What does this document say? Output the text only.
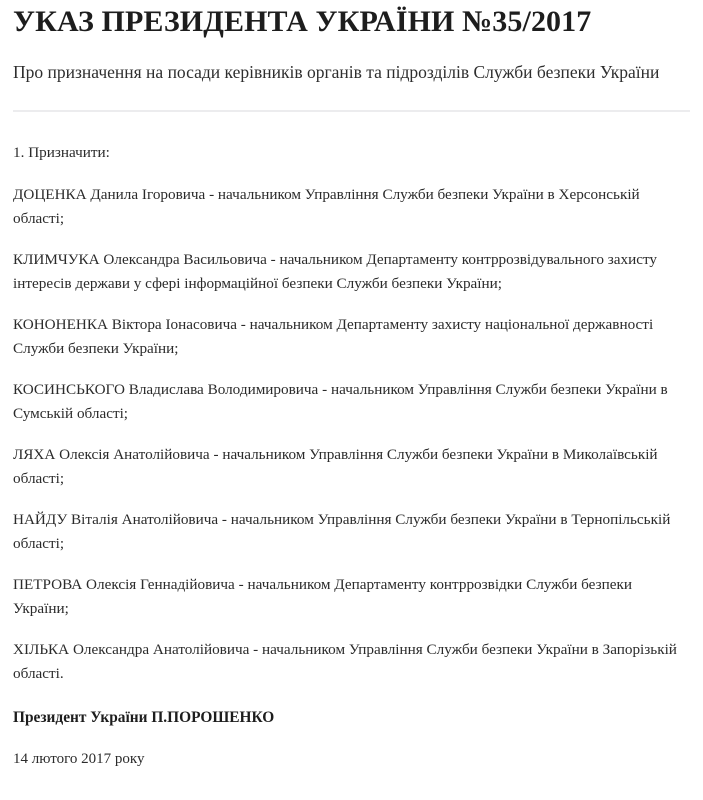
УКАЗ ПРЕЗИДЕНТА УКРАЇНИ №35/2017
Про призначення на посади керівників органів та підрозділів Служби безпеки України

1. Призначити:

ДОЦЕНКА Данила Ігоровича - начальником Управління Служби безпеки України в Херсонській області;

КЛИМЧУКА Олександра Васильовича - начальником Департаменту контррозвідувального захисту інтересів держави у сфері інформаційної безпеки Служби безпеки України;

КОНОНЕНКА Віктора Іонасовича - начальником Департаменту захисту національної державності Служби безпеки України;

КОСИНСЬКОГО Владислава Володимировича - начальником Управління Служби безпеки України в Сумській області;

ЛЯХА Олексія Анатолійовича - начальником Управління Служби безпеки України в Миколаївській області;

НАЙДУ Віталія Анатолійовича - начальником Управління Служби безпеки України в Тернопільській області;

ПЕТРОВА Олексія Геннадійовича - начальником Департаменту контррозвідки Служби безпеки України;

ХІЛЬКА Олександра Анатолійовича - начальником Управління Служби безпеки України в Запорізькій області.

Президент України П.ПОРОШЕНКО

14 лютого 2017 року
